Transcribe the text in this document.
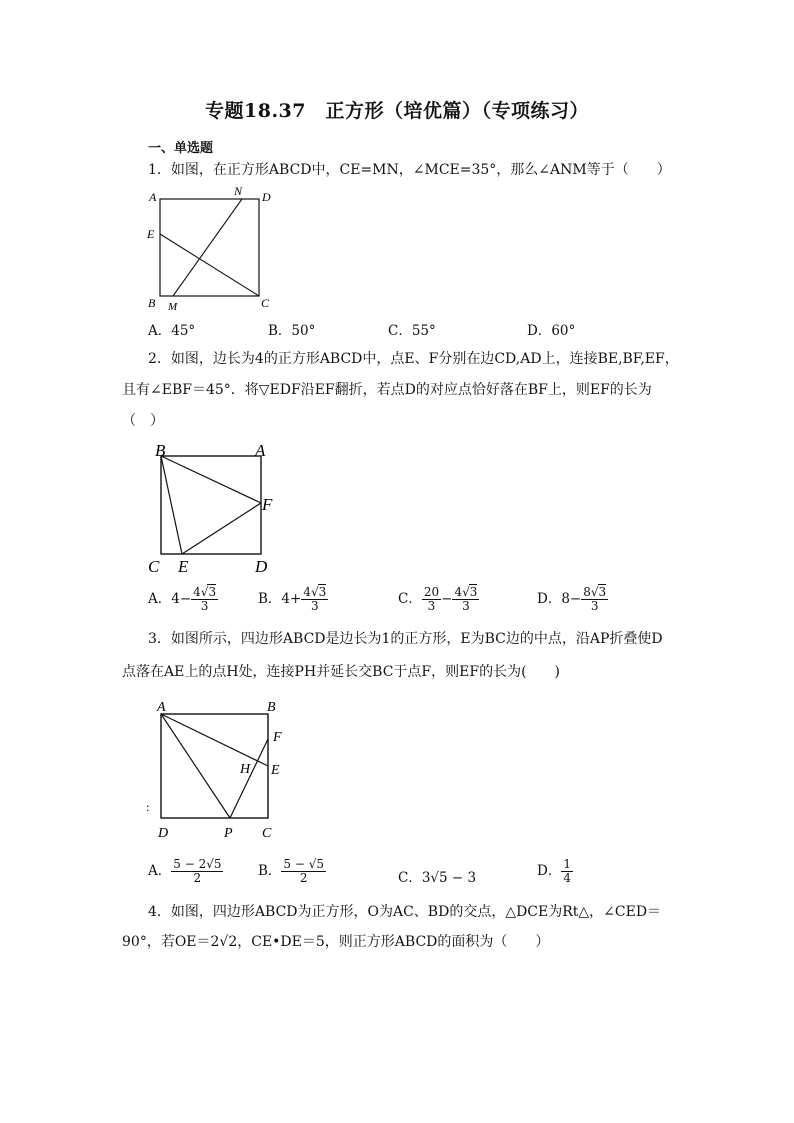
专题18.37　正方形（培优篇）（专项练习）
一、单选题
1．如图，在正方形ABCD中，CE=MN，∠MCE=35°，那么∠ANM等于（　　）
A	D
N
E
B M	C
A．45°	B．50°	C．55°	D．60°
2．如图，边长为4的正方形ABCD中，点E、F分别在边CD,AD上，连接BE,BF,EF，
且有∠EBF＝45°．将▽EDF沿EF翻折，若点D的对应点恰好落在BF上，则EF的长为
（　）
B	A
F
C E	D
A．$4- \frac{4√3}{3}$	B．$4+ \frac{4√3}{3}$	C． $\frac{20}{3} - \frac{4√3}{3}$	D．$8- \frac{8√3}{3}$
3．如图所示，四边形ABCD是边长为1的正方形，E为BC边的中点，沿AP折叠使D
点落在AE上的点H处，连接PH并延长交BC于点F，则EF的长为(　　)
A	B
F
H E
D	P C
:
A． $\frac{5 - 2√5}{2}$	B． $\frac{5 - √5}{2}$	C．3√5 − 3	D． $\frac{1}{4}$
4．如图，四边形ABCD为正方形，O为AC、BD的交点，△DCE为Rt△，∠CED＝
90°，若OE＝2√2，CE•DE＝5，则正方形ABCD的面积为（　　）
